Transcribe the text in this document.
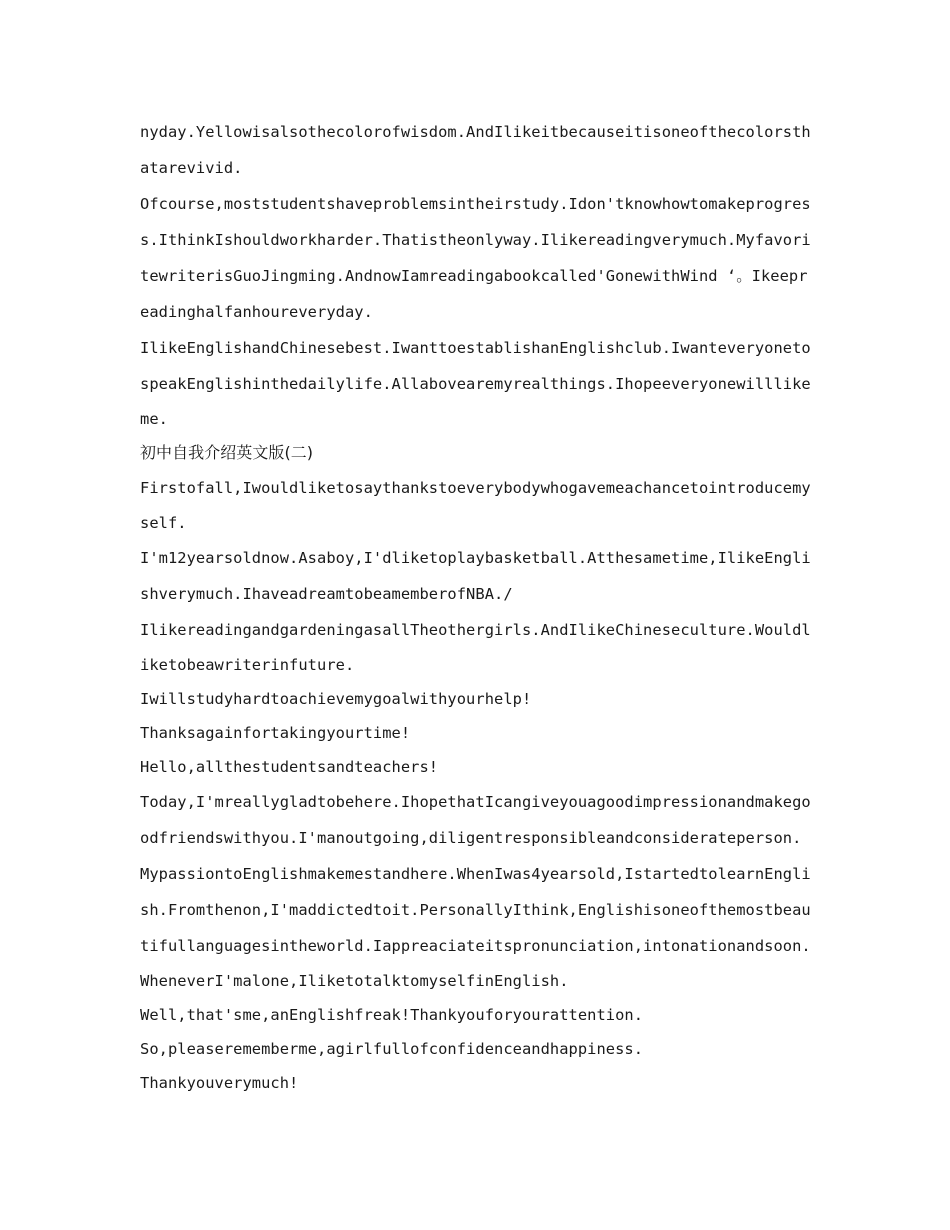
nyday.Yellowisalsothecolorofwisdom.AndIlikeitbecauseitisoneofthecolorsth
atarevivid.
Ofcourse,moststudentshaveproblemsintheirstudy.Idon'tknowhowtomakeprogres
s.IthinkIshouldworkharder.Thatistheonlyway.Ilikereadingverymuch.Myfavori
tewriterisGuoJingming.AndnowIamreadingabookcalled'GonewithWind ‘。Ikeepr
eadinghalfanhoureveryday.
IlikeEnglishandChinesebest.IwanttoestablishanEnglishclub.Iwanteveryoneto
speakEnglishinthedailylife.Allabovearemyrealthings.Ihopeeveryonewilllike
me.
初中自我介绍英文版(二)
Firstofall,Iwouldliketosaythankstoeverybodywhogavemeachancetointroducemy
self.
I'm12yearsoldnow.Asaboy,I'dliketoplaybasketball.Atthesametime,IlikeEngli
shverymuch.IhaveadreamtobeamemberofNBA./
IlikereadingandgardeningasallTheothergirls.AndIlikeChineseculture.Wouldl
iketobeawriterinfuture.
Iwillstudyhardtoachievemygoalwithyourhelp!
Thanksagainfortakingyourtime!
Hello,allthestudentsandteachers!
Today,I'mreallygladtobehere.IhopethatIcangiveyouagoodimpressionandmakego
odfriendswithyou.I'manoutgoing,diligentresponsibleandconsiderateperson.
MypassiontoEnglishmakemestandhere.WhenIwas4yearsold,IstartedtolearnEngli
sh.Fromthenon,I'maddictedtoit.PersonallyIthink,Englishisoneofthemostbeau
tifullanguagesintheworld.Iappreaciateitspronunciation,intonationandsoon.
WheneverI'malone,IliketotalktomyselfinEnglish.
Well,that'sme,anEnglishfreak!Thankyouforyourattention.
So,pleaserememberme,agirlfullofconfidenceandhappiness.
Thankyouverymuch!
